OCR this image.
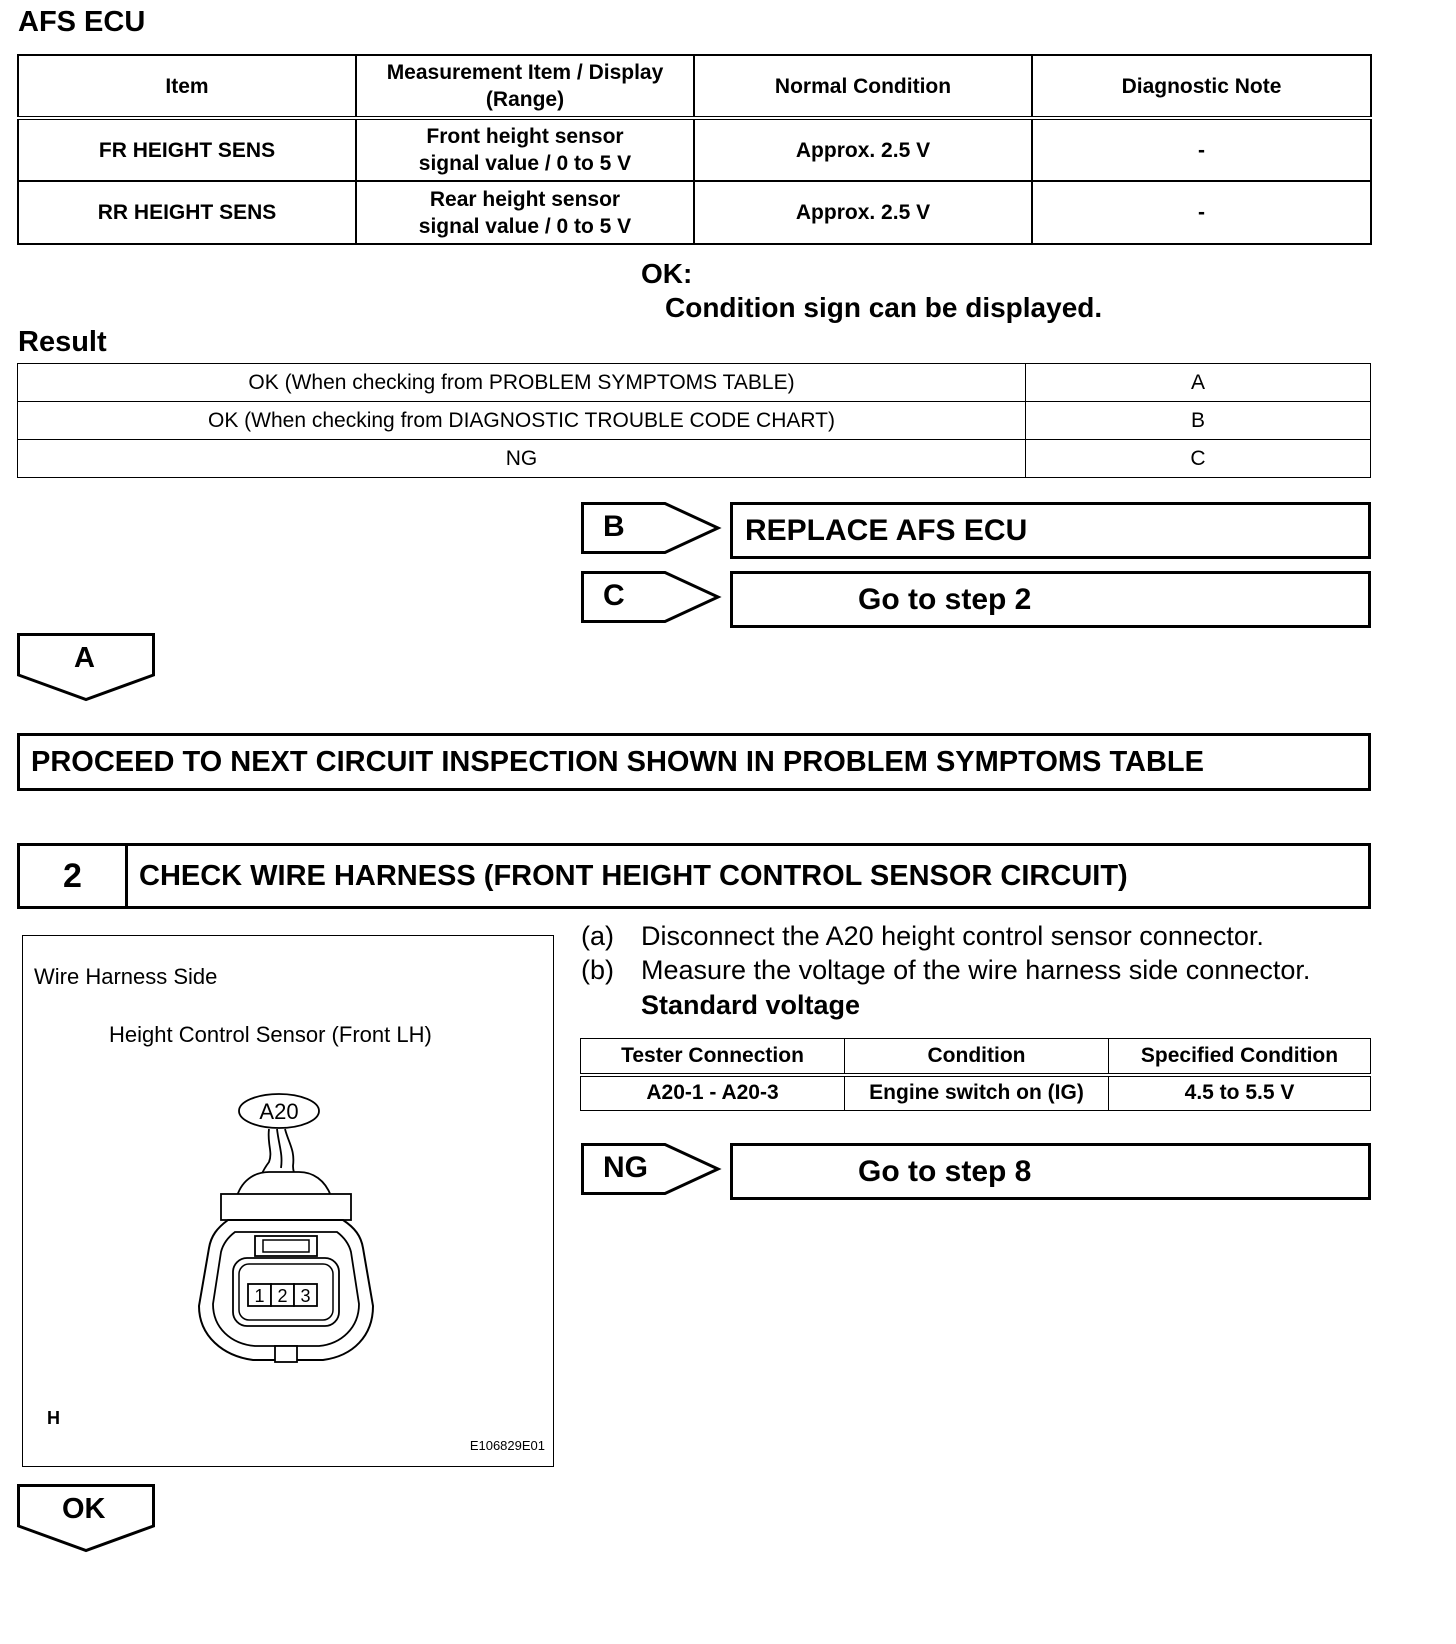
AFS ECU
Item	Measurement Item / Display (Range)	Normal Condition	Diagnostic Note
FR HEIGHT SENS	Front height sensor signal value / 0 to 5 V	Approx. 2.5 V	-
RR HEIGHT SENS	Rear height sensor signal value / 0 to 5 V	Approx. 2.5 V	-
OK:
Condition sign can be displayed.
Result
OK (When checking from PROBLEM SYMPTOMS TABLE)	A
OK (When checking from DIAGNOSTIC TROUBLE CODE CHART)	B
NG	C
B	REPLACE AFS ECU
C	Go to step 2
A
PROCEED TO NEXT CIRCUIT INSPECTION SHOWN IN PROBLEM SYMPTOMS TABLE
2 CHECK WIRE HARNESS (FRONT HEIGHT CONTROL SENSOR CIRCUIT)
Wire Harness Side
Height Control Sensor (Front LH)
A20
1 2 3
H
E106829E01
(a) Disconnect the A20 height control sensor connector.
(b) Measure the voltage of the wire harness side connector.
Standard voltage
Tester Connection	Condition	Specified Condition
A20-1 - A20-3	Engine switch on (IG)	4.5 to 5.5 V
NG	Go to step 8
OK
